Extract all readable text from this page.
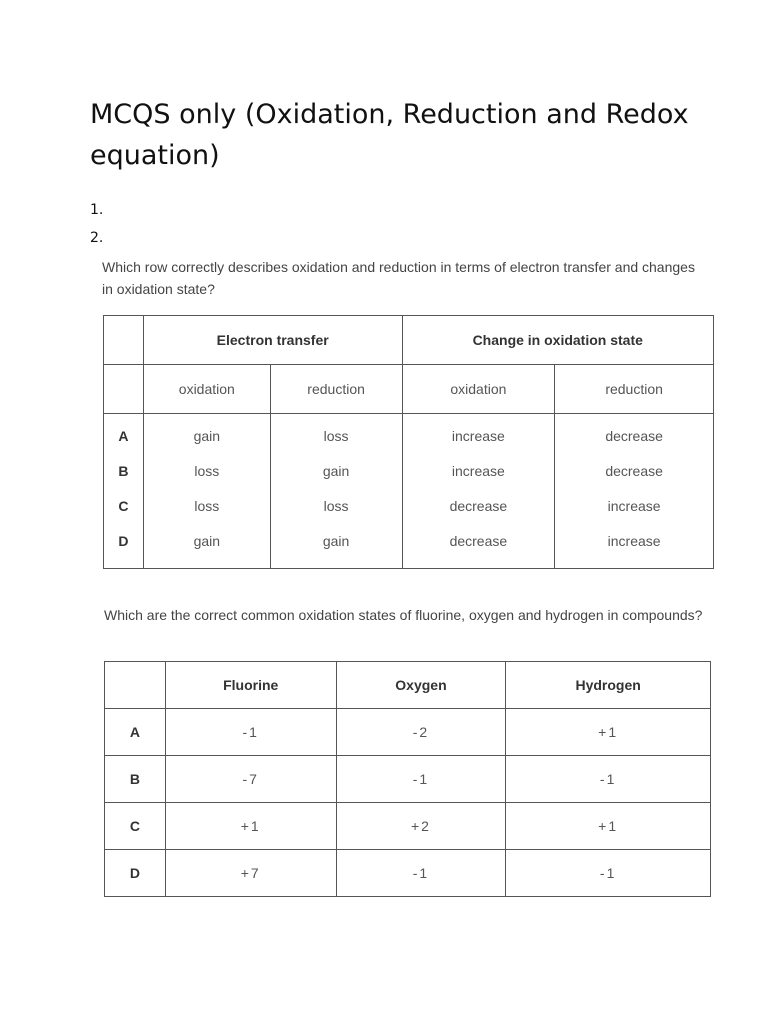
MCQS only (Oxidation, Reduction and Redox equation)
1.
2.

Which row correctly describes oxidation and reduction in terms of electron transfer and changes in oxidation state?

	Electron transfer		Change in oxidation state	
	oxidation	reduction	oxidation	reduction
A	gain	loss	increase	decrease
B	loss	gain	increase	decrease
C	loss	loss	decrease	increase
D	gain	gain	decrease	increase

Which are the correct common oxidation states of fluorine, oxygen and hydrogen in compounds?

	Fluorine	Oxygen	Hydrogen
A	-1	-2	+1
B	-7	-1	-1
C	+1	+2	+1
D	+7	-1	-1
